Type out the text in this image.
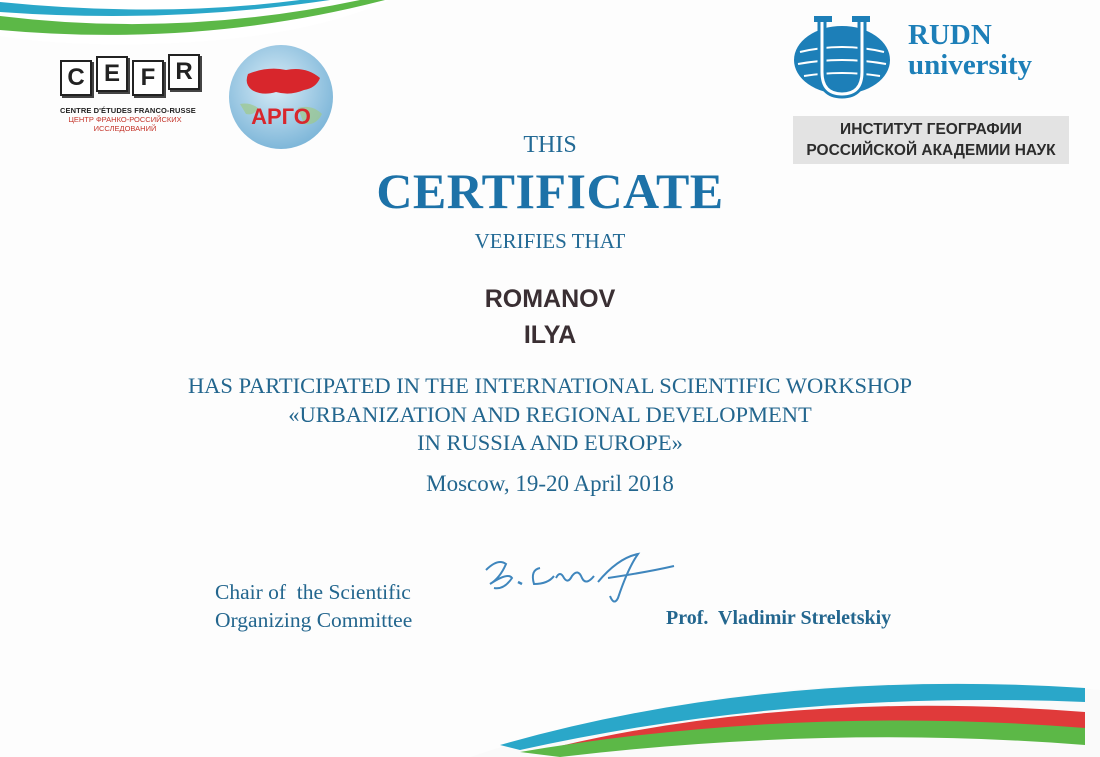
C E F R
CENTRE D'ÉTUDES FRANCO-RUSSE
ЦЕНТР ФРАНКО-РОССИЙСКИХ
ИССЛЕДОВАНИЙ	АРГО
RUDN
university
ИНСТИТУТ ГЕОГРАФИИ
РОССИЙСКОЙ АКАДЕМИИ НАУК
THIS
CERTIFICATE
VERIFIES THAT
ROMANOV
ILYA
HAS PARTICIPATED IN THE INTERNATIONAL SCIENTIFIC WORKSHOP
«URBANIZATION AND REGIONAL DEVELOPMENT
IN RUSSIA AND EUROPE»
Moscow, 19-20 April 2018
Chair of  the Scientific
Organizing Committee	Prof.  Vladimir Streletskiy
